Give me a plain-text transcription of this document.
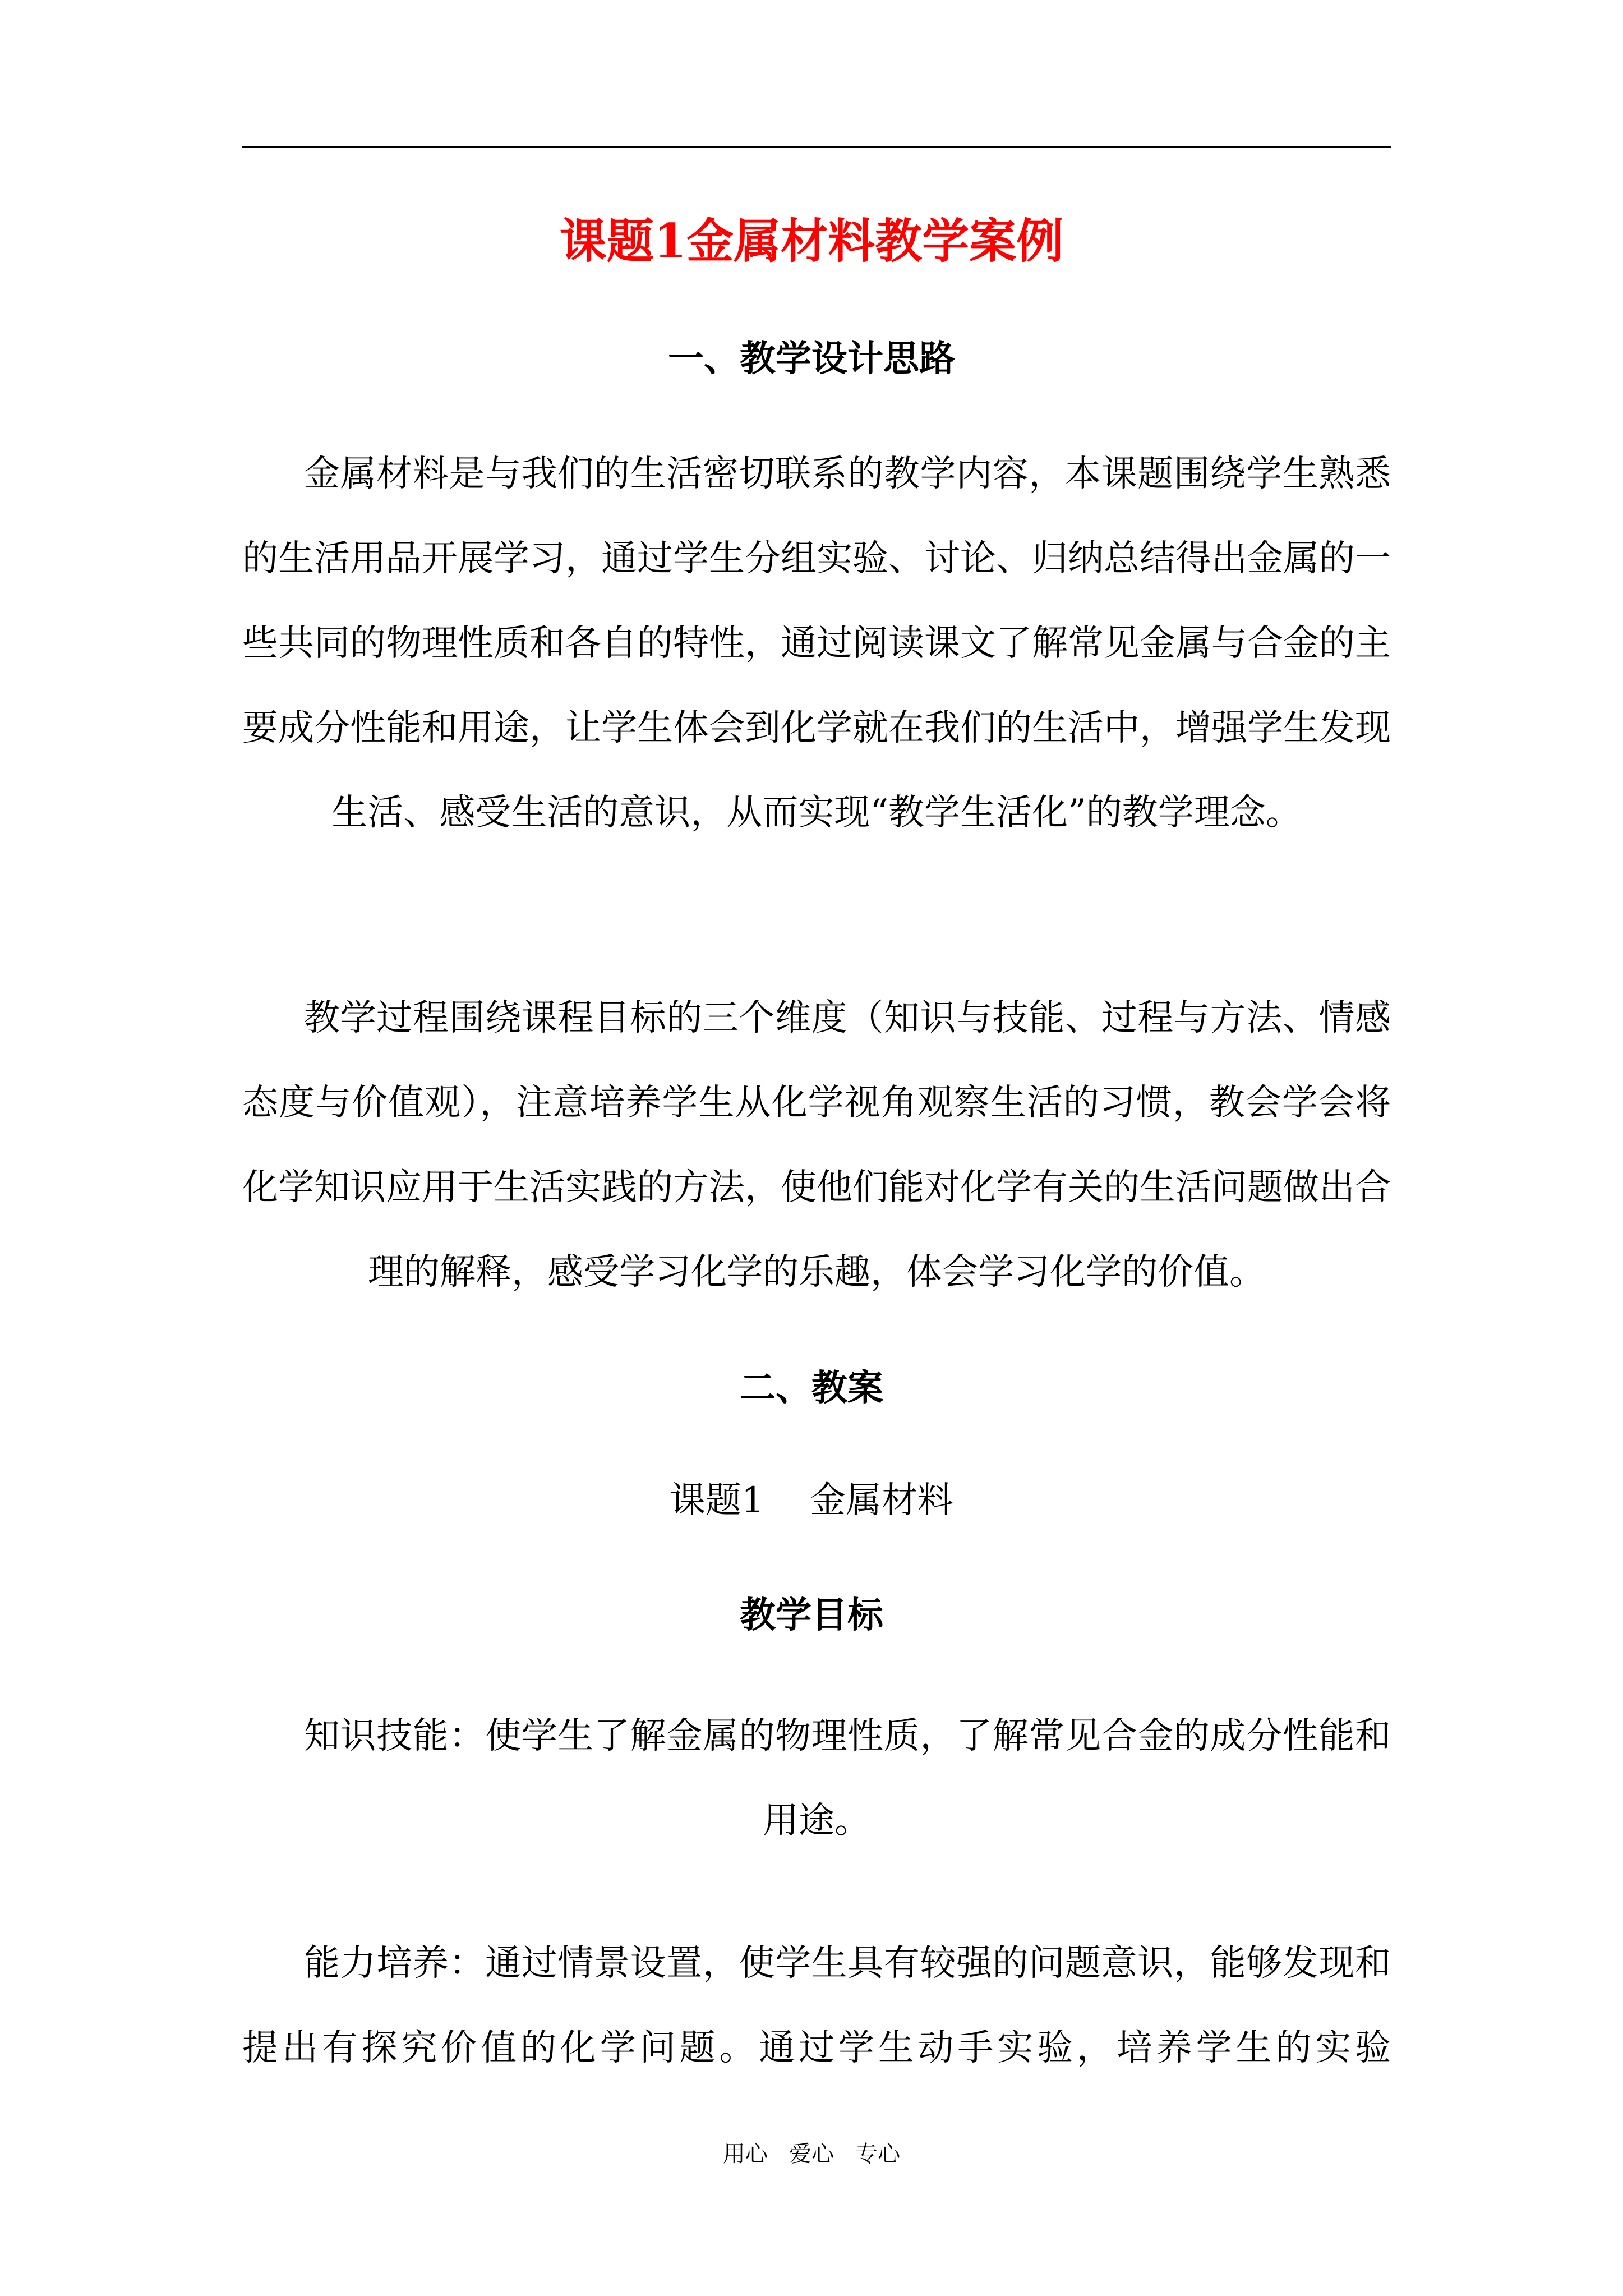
课题1金属材料教学案例
一、教学设计思路
金属材料是与我们的生活密切联系的教学内容，本课题围绕学生熟悉的生活用品开展学习，通过学生分组实验、讨论、归纳总结得出金属的一些共同的物理性质和各自的特性，通过阅读课文了解常见金属与合金的主要成分性能和用途，让学生体会到化学就在我们的生活中，增强学生发现生活、感受生活的意识，从而实现“教学生活化”的教学理念。
教学过程围绕课程目标的三个维度（知识与技能、过程与方法、情感态度与价值观），注意培养学生从化学视角观察生活的习惯，教会学会将化学知识应用于生活实践的方法，使他们能对化学有关的生活问题做出合理的解释，感受学习化学的乐趣，体会学习化学的价值。
二、教案
课题1    金属材料
教学目标
知识技能：使学生了解金属的物理性质，了解常见合金的成分性能和用途。
能力培养：通过情景设置，使学生具有较强的问题意识，能够发现和提出有探究价值的化学问题。通过学生动手实验，培养学生的实验
用心   爱心   专心
